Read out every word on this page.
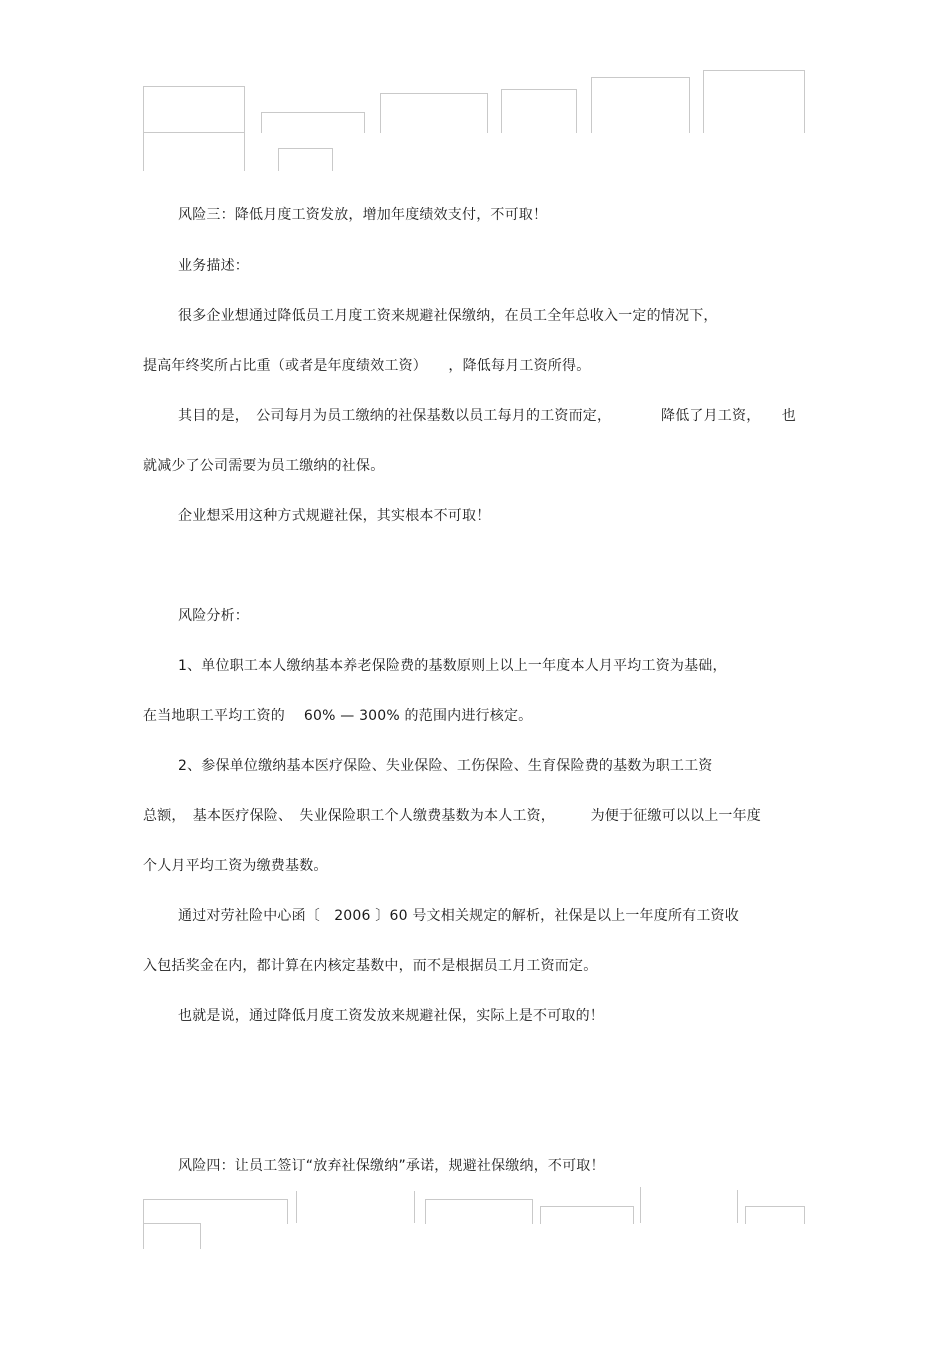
风险三：降低月度工资发放，增加年度绩效支付，不可取！
业务描述：
很多企业想通过降低员工月度工资来规避社保缴纳，在员工全年总收入一定的情况下，
提高年终奖所占比重（或者是年度绩效工资）　　，降低每月工资所得。
其目的是，　公司每月为员工缴纳的社保基数以员工每月的工资而定，　　　　降低了月工资，　　也
就减少了公司需要为员工缴纳的社保。
企业想采用这种方式规避社保，其实根本不可取！
风险分析：
1、单位职工本人缴纳基本养老保险费的基数原则上以上一年度本人月平均工资为基础，
在当地职工平均工资的　 60% — 300% 的范围内进行核定。
2、参保单位缴纳基本医疗保险、失业保险、工伤保险、生育保险费的基数为职工工资
总额，　基本医疗保险、　失业保险职工个人缴费基数为本人工资，　　　为便于征缴可以以上一年度
个人月平均工资为缴费基数。
通过对劳社险中心函〔　2006 〕60 号文相关规定的解析，社保是以上一年度所有工资收
入包括奖金在内，都计算在内核定基数中，而不是根据员工月工资而定。
也就是说，通过降低月度工资发放来规避社保，实际上是不可取的！
风险四：让员工签订“放弃社保缴纳”承诺，规避社保缴纳，不可取！
